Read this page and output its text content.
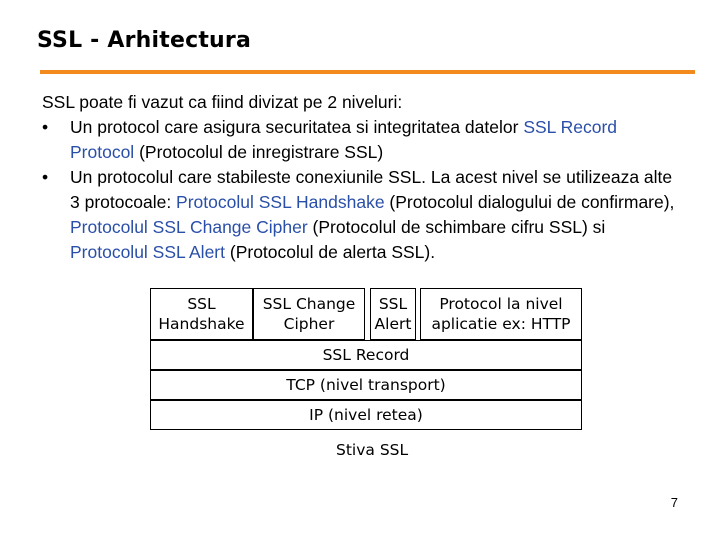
SSL - Arhitectura
SSL poate fi vazut ca fiind divizat pe 2 niveluri:
• Un protocol care asigura securitatea si integritatea datelor SSL Record Protocol (Protocolul de inregistrare SSL)
• Un protocolul care stabileste conexiunile SSL. La acest nivel se utilizeaza alte 3 protocoale: Protocolul SSL Handshake (Protocolul dialogului de confirmare), Protocolul SSL Change Cipher (Protocolul de schimbare cifru SSL) si Protocolul SSL Alert (Protocolul de alerta SSL).
SSL
Handshake
SSL Change
Cipher
SSL
Alert
Protocol la nivel
aplicatie ex: HTTP
SSL Record
TCP (nivel transport)
IP (nivel retea)
Stiva SSL
7
